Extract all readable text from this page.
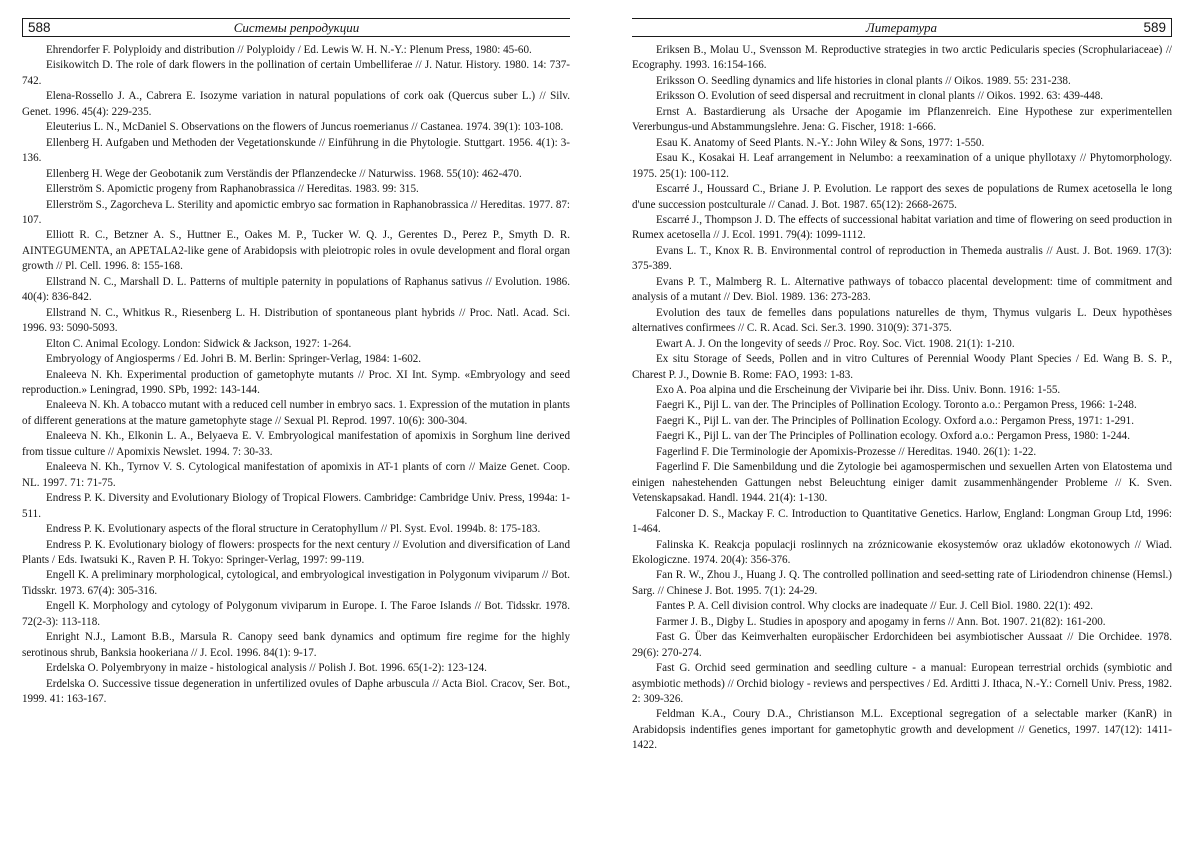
588	Системы репродукции
Ehrendorfer F. Polyploidy and distribution // Polyploidy / Ed. Lewis W. H. N.-Y.: Plenum Press, 1980: 45-60.
Eisikowitch D. The role of dark flowers in the pollination of certain Umbelliferae // J. Natur. History. 1980. 14: 737-742.
Elena-Rossello J. A., Cabrera E. Isozyme variation in natural populations of cork oak (Quercus suber L.) // Silv. Genet. 1996. 45(4): 229-235.
Eleuterius L. N., McDaniel S. Observations on the flowers of Juncus roemerianus // Castanea. 1974. 39(1): 103-108.
Ellenberg H. Aufgaben und Methoden der Vegetationskunde // Einführung in die Phytologie. Stuttgart. 1956. 4(1): 3-136.
Ellenberg H. Wege der Geobotanik zum Verständis der Pflanzendecke // Naturwiss. 1968. 55(10): 462-470.
Ellerström S. Apomictic progeny from Raphanobrassica // Hereditas. 1983. 99: 315.
Ellerström S., Zagorcheva L. Sterility and apomictic embryo sac formation in Raphanobrassica // Hereditas. 1977. 87: 107.
Elliott R. C., Betzner A. S., Huttner E., Oakes M. P., Tucker W. Q. J., Gerentes D., Perez P., Smyth D. R. AINTEGUMENTA, an APETALA2-like gene of Arabidopsis with pleiotropic roles in ovule development and floral organ growth // Pl. Cell. 1996. 8: 155-168.
Ellstrand N. C., Marshall D. L. Patterns of multiple paternity in populations of Raphanus sativus // Evolution. 1986. 40(4): 836-842.
Ellstrand N. C., Whitkus R., Riesenberg L. H. Distribution of spontaneous plant hybrids // Proc. Natl. Acad. Sci. 1996. 93: 5090-5093.
Elton C. Animal Ecology. London: Sidwick & Jackson, 1927: 1-264.
Embryology of Angiosperms / Ed. Johri B. M. Berlin: Springer-Verlag, 1984: 1-602.
Enaleeva N. Kh. Experimental production of gametophyte mutants // Proc. XI Int. Symp. «Embryology and seed reproduction.» Leningrad, 1990. SPb, 1992: 143-144.
Enaleeva N. Kh. A tobacco mutant with a reduced cell number in embryo sacs. 1. Expression of the mutation in plants of different generations at the mature gametophyte stage // Sexual Pl. Reprod. 1997. 10(6): 300-304.
Enaleeva N. Kh., Elkonin L. A., Belyaeva E. V. Embryological manifestation of apomixis in Sorghum line derived from tissue culture // Apomixis Newslet. 1994. 7: 30-33.
Enaleeva N. Kh., Tyrnov V. S. Cytological manifestation of apomixis in AT-1 plants of corn // Maize Genet. Coop. NL. 1997. 71: 71-75.
Endress P. K. Diversity and Evolutionary Biology of Tropical Flowers. Cambridge: Cambridge Univ. Press, 1994a: 1-511.
Endress P. K. Evolutionary aspects of the floral structure in Ceratophyllum // Pl. Syst. Evol. 1994b. 8: 175-183.
Endress P. K. Evolutionary biology of flowers: prospects for the next century // Evolution and diversification of Land Plants / Eds. Iwatsuki K., Raven P. H. Tokyo: Springer-Verlag, 1997: 99-119.
Engell K. A preliminary morphological, cytological, and embryological investigation in Polygonum viviparum // Bot. Tidsskr. 1973. 67(4): 305-316.
Engell K. Morphology and cytology of Polygonum viviparum in Europe. I. The Faroe Islands // Bot. Tidsskr. 1978. 72(2-3): 113-118.
Enright N.J., Lamont B.B., Marsula R. Canopy seed bank dynamics and optimum fire regime for the highly serotinous shrub, Banksia hookeriana // J. Ecol. 1996. 84(1): 9-17.
Erdelska O. Polyembryony in maize - histological analysis // Polish J. Bot. 1996. 65(1-2): 123-124.
Erdelska O. Successive tissue degeneration in unfertilized ovules of Daphe arbuscula // Acta Biol. Cracov, Ser. Bot., 1999. 41: 163-167.
Литература	589
Eriksen B., Molau U., Svensson M. Reproductive strategies in two arctic Pedicularis species (Scrophulariaceae) // Ecography. 1993. 16:154-166.
Eriksson O. Seedling dynamics and life histories in clonal plants // Oikos. 1989. 55: 231-238.
Eriksson O. Evolution of seed dispersal and recruitment in clonal plants // Oikos. 1992. 63: 439-448.
Ernst A. Bastardierung als Ursache der Apogamie im Pflanzenreich. Eine Hypothese zur experimentellen Vererbungus-und Abstammungslehre. Jena: G. Fischer, 1918: 1-666.
Esau K. Anatomy of Seed Plants. N.-Y.: John Wiley & Sons, 1977: 1-550.
Esau K., Kosakai H. Leaf arrangement in Nelumbo: a reexamination of a unique phyllotaxy // Phytomorphology. 1975. 25(1): 100-112.
Escarré J., Houssard C., Briane J. P. Evolution. Le rapport des sexes de populations de Rumex acetosella le long d'une succession postculturale // Canad. J. Bot. 1987. 65(12): 2668-2675.
Escarré J., Thompson J. D. The effects of successional habitat variation and time of flowering on seed production in Rumex acetosella // J. Ecol. 1991. 79(4): 1099-1112.
Evans L. T., Knox R. B. Environmental control of reproduction in Themeda australis // Aust. J. Bot. 1969. 17(3): 375-389.
Evans P. T., Malmberg R. L. Alternative pathways of tobacco placental development: time of commitment and analysis of a mutant // Dev. Biol. 1989. 136: 273-283.
Evolution des taux de femelles dans populations naturelles de thym, Thymus vulgaris L. Deux hypothèses alternatives confirmees // C. R. Acad. Sci. Ser.3. 1990. 310(9): 371-375.
Ewart A. J. On the longevity of seeds // Proc. Roy. Soc. Vict. 1908. 21(1): 1-210.
Ex situ Storage of Seeds, Pollen and in vitro Cultures of Perennial Woody Plant Species / Ed. Wang B. S. P., Charest P. J., Downie B. Rome: FAO, 1993: 1-83.
Exo A. Poa alpina und die Erscheinung der Viviparie bei ihr. Diss. Univ. Bonn. 1916: 1-55.
Faegri K., Pijl L. van der. The Principles of Pollination Ecology. Toronto a.o.: Pergamon Press, 1966: 1-248.
Faegri K., Pijl L. van der. The Principles of Pollination Ecology. Oxford a.o.: Pergamon Press, 1971: 1-291.
Faegri K., Pijl L. van der The Principles of Pollination ecology. Oxford a.o.: Pergamon Press, 1980: 1-244.
Fagerlind F. Die Terminologie der Apomixis-Prozesse // Hereditas. 1940. 26(1): 1-22.
Fagerlind F. Die Samenbildung und die Zytologie bei agamospermischen und sexuellen Arten von Elatostema und einigen nahestehenden Gattungen nebst Beleuchtung einiger damit zusammenhängender Probleme // K. Sven. Vetenskapsakad. Handl. 1944. 21(4): 1-130.
Falconer D. S., Mackay F. C. Introduction to Quantitative Genetics. Harlow, England: Longman Group Ltd, 1996: 1-464.
Falinska K. Reakcja populacji roslinnych na zróznicowanie ekosystemów oraz ukladów ekotonowych // Wiad. Ekologiczne. 1974. 20(4): 356-376.
Fan R. W., Zhou J., Huang J. Q. The controlled pollination and seed-setting rate of Liriodendron chinense (Hemsl.) Sarg. // Chinese J. Bot. 1995. 7(1): 24-29.
Fantes P. A. Cell division control. Why clocks are inadequate // Eur. J. Cell Biol. 1980. 22(1): 492.
Farmer J. B., Digby L. Studies in apospory and apogamy in ferns // Ann. Bot. 1907. 21(82): 161-200.
Fast G. Über das Keimverhalten europäischer Erdorchideen bei asymbiotischer Aussaat // Die Orchidee. 1978. 29(6): 270-274.
Fast G. Orchid seed germination and seedling culture - a manual: European terrestrial orchids (symbiotic and asymbiotic methods) // Orchid biology - reviews and perspectives / Ed. Arditti J. Ithaca, N.-Y.: Cornell Univ. Press, 1982. 2: 309-326.
Feldman K.A., Coury D.A., Christianson M.L. Exceptional segregation of a selectable marker (KanR) in Arabidopsis indentifies genes important for gametophytic growth and development // Genetics, 1997. 147(12): 1411-1422.
